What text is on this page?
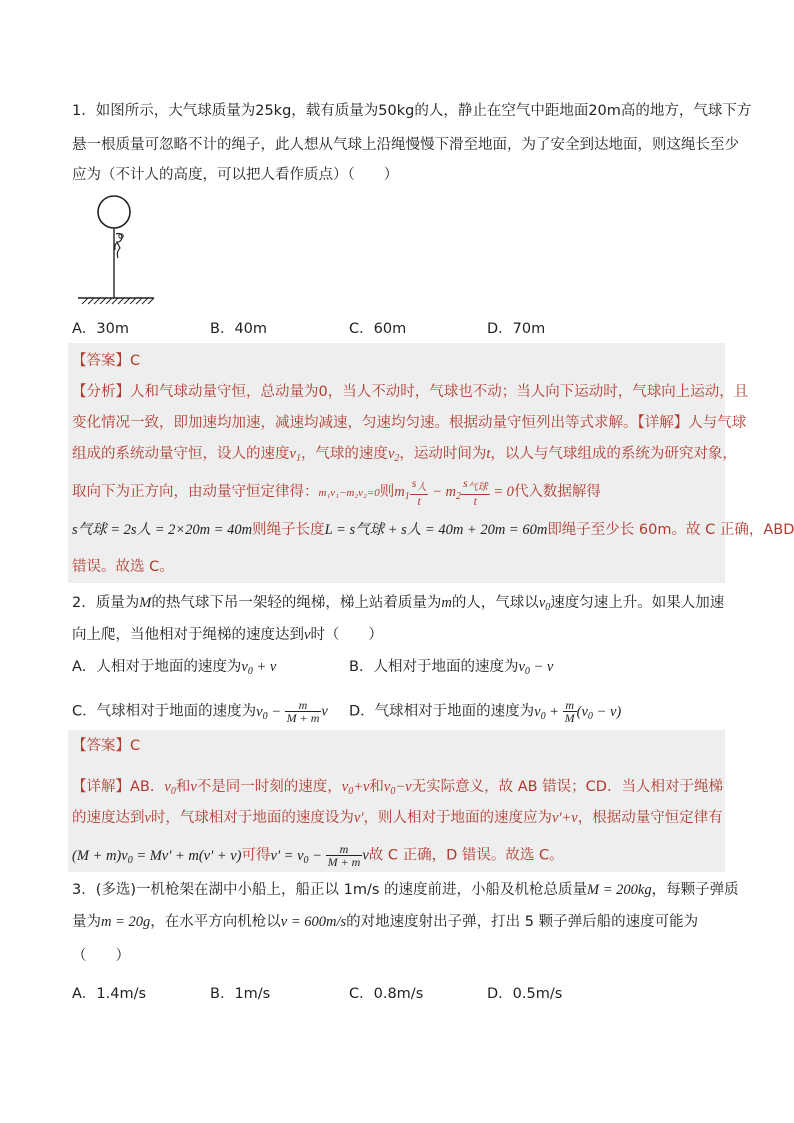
1．如图所示，大气球质量为25kg，载有质量为50kg的人，静止在空气中距地面20m高的地方，气球下方
悬一根质量可忽略不计的绳子，此人想从气球上沿绳慢慢下滑至地面，为了安全到达地面，则这绳长至少
应为（不计人的高度，可以把人看作质点）（　　）
A．30m	B．40m	C．60m	D．70m
【答案】C
【分析】人和气球动量守恒，总动量为0，当人不动时，气球也不动；当人向下运动时，气球向上运动，且
变化情况一致，即加速均加速，减速均减速，匀速均匀速。根据动量守恒列出等式求解。【详解】人与气球
组成的系统动量守恒，设人的速度$v_1$，气球的速度$v_2$，运动时间为t，以人与气球组成的系统为研究对象，
取向下为正方向，由动量守恒定律得：m₁v₁−m₂v₂=0则$m_1 \frac{s_人}{t} - m_2 \frac{s_{气球}}{t} = 0$代入数据解得
s气球 = 2s人 = 2×20m = 40m则绳子长度L = s气球 + s人 = 40m + 20m = 60m即绳子至少长 60m。故 C 正确，ABD
错误。故选 C。
2．质量为M的热气球下吊一架轻的绳梯，梯上站着质量为m的人，气球以$v_0$速度匀速上升。如果人加速
向上爬，当他相对于绳梯的速度达到v时（　　）
A．人相对于地面的速度为$v_0 + v$	B．人相对于地面的速度为$v_0 - v$
C．气球相对于地面的速度为$v_0 - \frac{m}{M + m}$ v D．气球相对于地面的速度为$v_0 + \frac{m}{M} (v_0 - v)$
【答案】C
【详解】AB．$v_0$和v不是同一时刻的速度，$v_0+v$和$v_0-v$无实际意义，故 AB 错误；CD．当人相对于绳梯
的速度达到v时，气球相对于地面的速度设为v'，则人相对于地面的速度应为v'+v，根据动量守恒定律有
$(M + m)v_0 = Mv' + m(v' + v)$可得$v' = v_0 - \frac{m}{M + m}$ v故 C 正确，D 错误。故选 C。
3．(多选)一机枪架在湖中小船上，船正以 1m/s 的速度前进，小船及机枪总质量M = 200kg，每颗子弹质
量为m = 20g，在水平方向机枪以v = 600m/s的对地速度射出子弹，打出 5 颗子弹后船的速度可能为
（　　）
A．1.4m/s	B．1m/s	C．0.8m/s	D．0.5m/s
